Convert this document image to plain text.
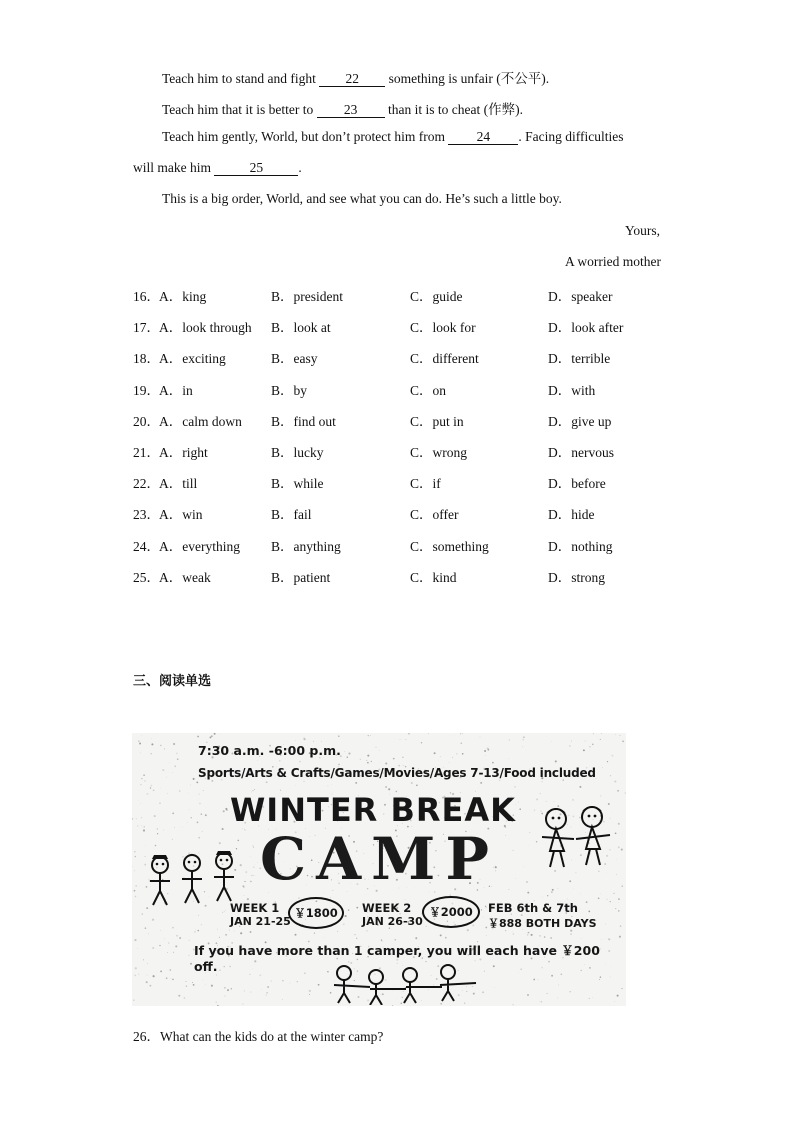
Teach him to stand and fight 22 something is unfair (不公平).
Teach him that it is better to 23 than it is to cheat (作弊).
Teach him gently, World, but don’t protect him from 24 . Facing difficulties
will make him	25	.
This is a big order, World, and see what you can do. He’s such a little boy.
Yours,
A worried mother
16． A．king	B．president	C．guide	D．speaker
17． A．look through B．look at	C．look for	D．look after
18． A．exciting	B．easy	C．different	D．terrible
19． A．in	B．by	C．on	D．with
20． A．calm down B．find out	C．put in	D．give up
21． A．right	B．lucky	C．wrong	D．nervous
22． A．till	B．while	C．if	D．before
23． A．win	B．fail	C．offer	D．hide
24． A．everything B．anything	C．something	D．nothing
25． A．weak	B．patient	C．kind	D．strong
三、阅读单选
7:30 a.m. -6:00 p.m.
Sports/Arts & Crafts/Games/Movies/Ages 7-13/Food included
WINTER BREAK
CAMP
WEEK 1
JAN 21-25
￥1800	WEEK 2
JAN 26-30
￥2000	FEB 6th & 7th
￥888 BOTH DAYS
If you have more than 1 camper, you will each have ￥200 off.
26．What can the kids do at the winter camp?
